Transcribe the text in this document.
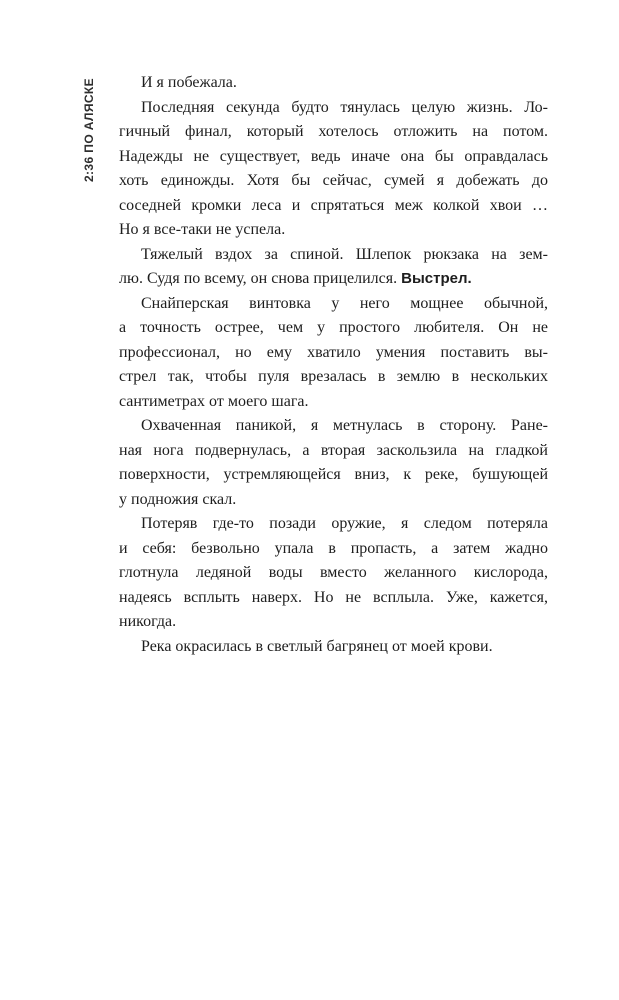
2:36 ПО АЛЯСКЕ	И я побежала.
Последняя секунда будто тянулась целую жизнь. Ло-
гичный финал, который хотелось отложить на потом.
Надежды не существует, ведь иначе она бы оправдалась
хоть единожды. Хотя бы сейчас, сумей я добежать до
соседней кромки леса и спрятаться меж колкой хвои …
Но я все-таки не успела.
Тяжелый вздох за спиной. Шлепок рюкзака на зем-
лю. Судя по всему, он снова прицелился. Выстрел.
Снайперская винтовка у него мощнее обычной,
а точность острее, чем у простого любителя. Он не
профессионал, но ему хватило умения поставить вы-
стрел так, чтобы пуля врезалась в землю в нескольких
сантиметрах от моего шага.
Охваченная паникой, я метнулась в сторону. Ране-
ная нога подвернулась, а вторая заскользила на гладкой
поверхности, устремляющейся вниз, к реке, бушующей
у подножия скал.
Потеряв где-то позади оружие, я следом потеряла
и себя: безвольно упала в пропасть, а затем жадно
глотнула ледяной воды вместо желанного кислорода,
надеясь всплыть наверх. Но не всплыла. Уже, кажется,
никогда.
Река окрасилась в светлый багрянец от моей крови.
